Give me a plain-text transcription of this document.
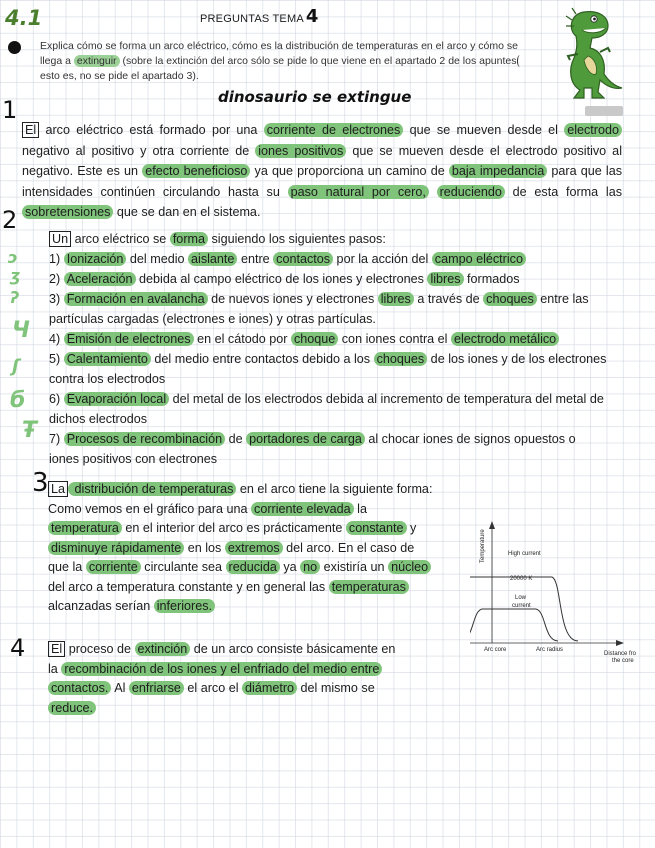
4.1	PREGUNTAS TEMA 4
Explica cómo se forma un arco eléctrico, cómo es la distribución de temperaturas en el arco y cómo se llega a extinguir (sobre la extinción del arco sólo se pide lo que viene en el apartado 2 de los apuntes esto es, no se pide el apartado 3).
dinosaurio se extingue
1
2
3
4
ɔ
ʒ
ʔ
Ч
ʃ
б
Ŧ
El arco eléctrico está formado por una corriente de electrones que se mueven desde el electrodo negativo al positivo y otra corriente de iones positivos que se mueven desde el electrodo positivo al negativo. Este es un efecto beneficioso ya que proporciona un camino de baja impedancia para que las intensidades continúen circulando hasta su paso natural por cero, reduciendo de esta forma las sobretensiones que se dan en el sistema.
Un arco eléctrico se forma siguiendo los siguientes pasos:
1) Ionización del medio aislante entre contactos por la acción del campo eléctrico
2) Aceleración debida al campo eléctrico de los iones y electrones libres formados
3) Formación en avalancha de nuevos iones y electrones libres a través de choques entre las partículas cargadas (electrones e iones) y otras partículas.
4) Emisión de electrones en el cátodo por choque con iones contra el electrodo metálico
5) Calentamiento del medio entre contactos debido a los choques de los iones y de los electrones contra los electrodos
6) Evaporación local del metal de los electrodos debida al incremento de temperatura del metal de dichos electrodos
7) Procesos de recombinación de portadores de carga al chocar iones de signos opuestos o iones positivos con electrones
La distribución de temperaturas en el arco tiene la siguiente forma:
Como vemos en el gráfico para una corriente elevada la temperatura en el interior del arco es prácticamente constante y disminuye rápidamente en los extremos del arco. En el caso de que la corriente circulante sea reducida ya no existiría un núcleo del arco a temperatura constante y en general las temperaturas alcanzadas serían inferiores.
El proceso de extinción de un arco consiste básicamente en la recombinación de los iones y el enfriado del medio entre contactos. Al enfriarse el arco el diámetro del mismo se reduce.
Temperature	High current
20000 K
Low
current
Arc core	Arc radius
Distance fro
the core
